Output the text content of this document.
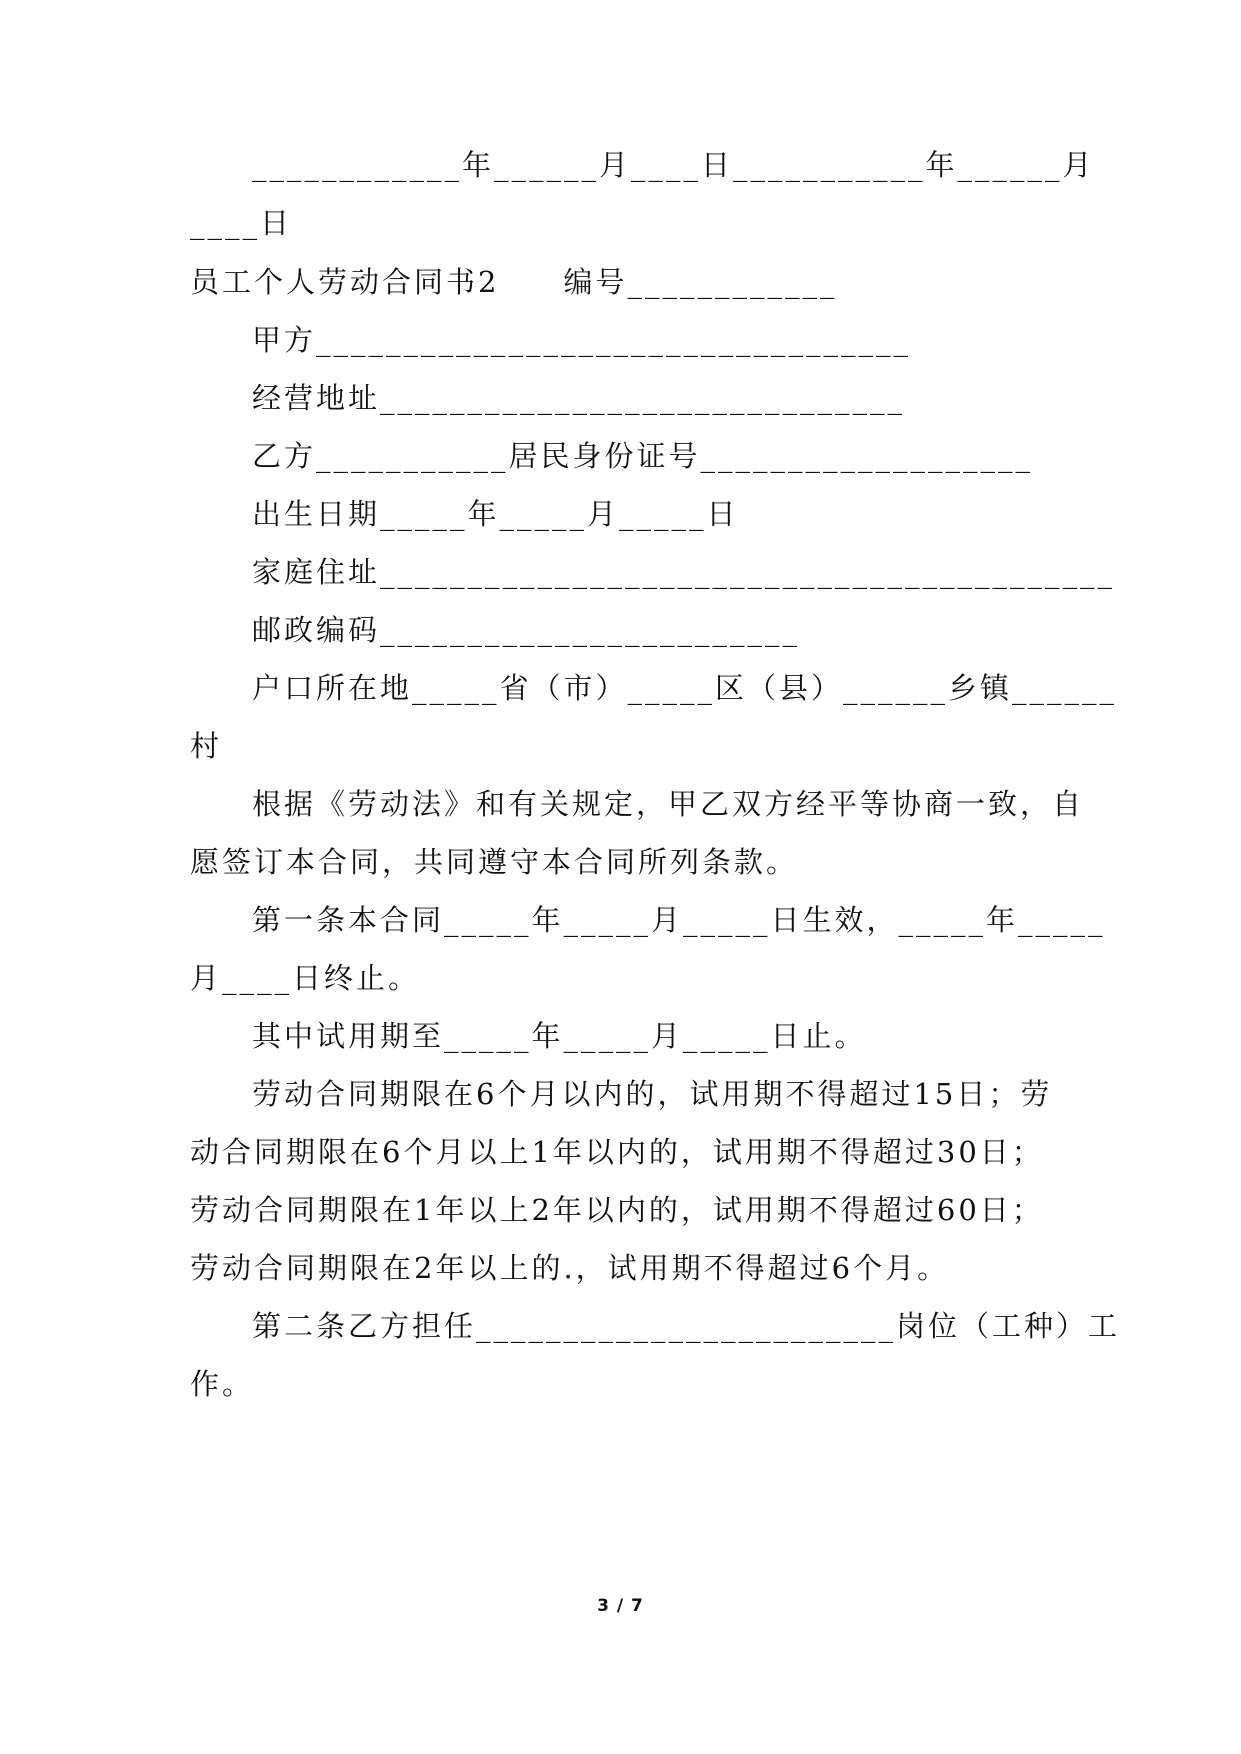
____________年______月____日___________年______月
____日
员工个人劳动合同书2　　编号____________
甲方__________________________________
经营地址______________________________
乙方___________居民身份证号___________________
出生日期_____年_____月_____日
家庭住址__________________________________________
邮政编码________________________
户口所在地_____省（市）_____区（县）______乡镇______
村
根据《劳动法》和有关规定，甲乙双方经平等协商一致，自
愿签订本合同，共同遵守本合同所列条款。
第一条本合同_____年_____月_____日生效，_____年_____
月____日终止。
其中试用期至_____年_____月_____日止。
劳动合同期限在6个月以内的，试用期不得超过15日；劳
动合同期限在6个月以上1年以内的，试用期不得超过30日；
劳动合同期限在1年以上2年以内的，试用期不得超过60日；
劳动合同期限在2年以上的.，试用期不得超过6个月。
第二条乙方担任________________________岗位（工种）工
作。
3 / 7
